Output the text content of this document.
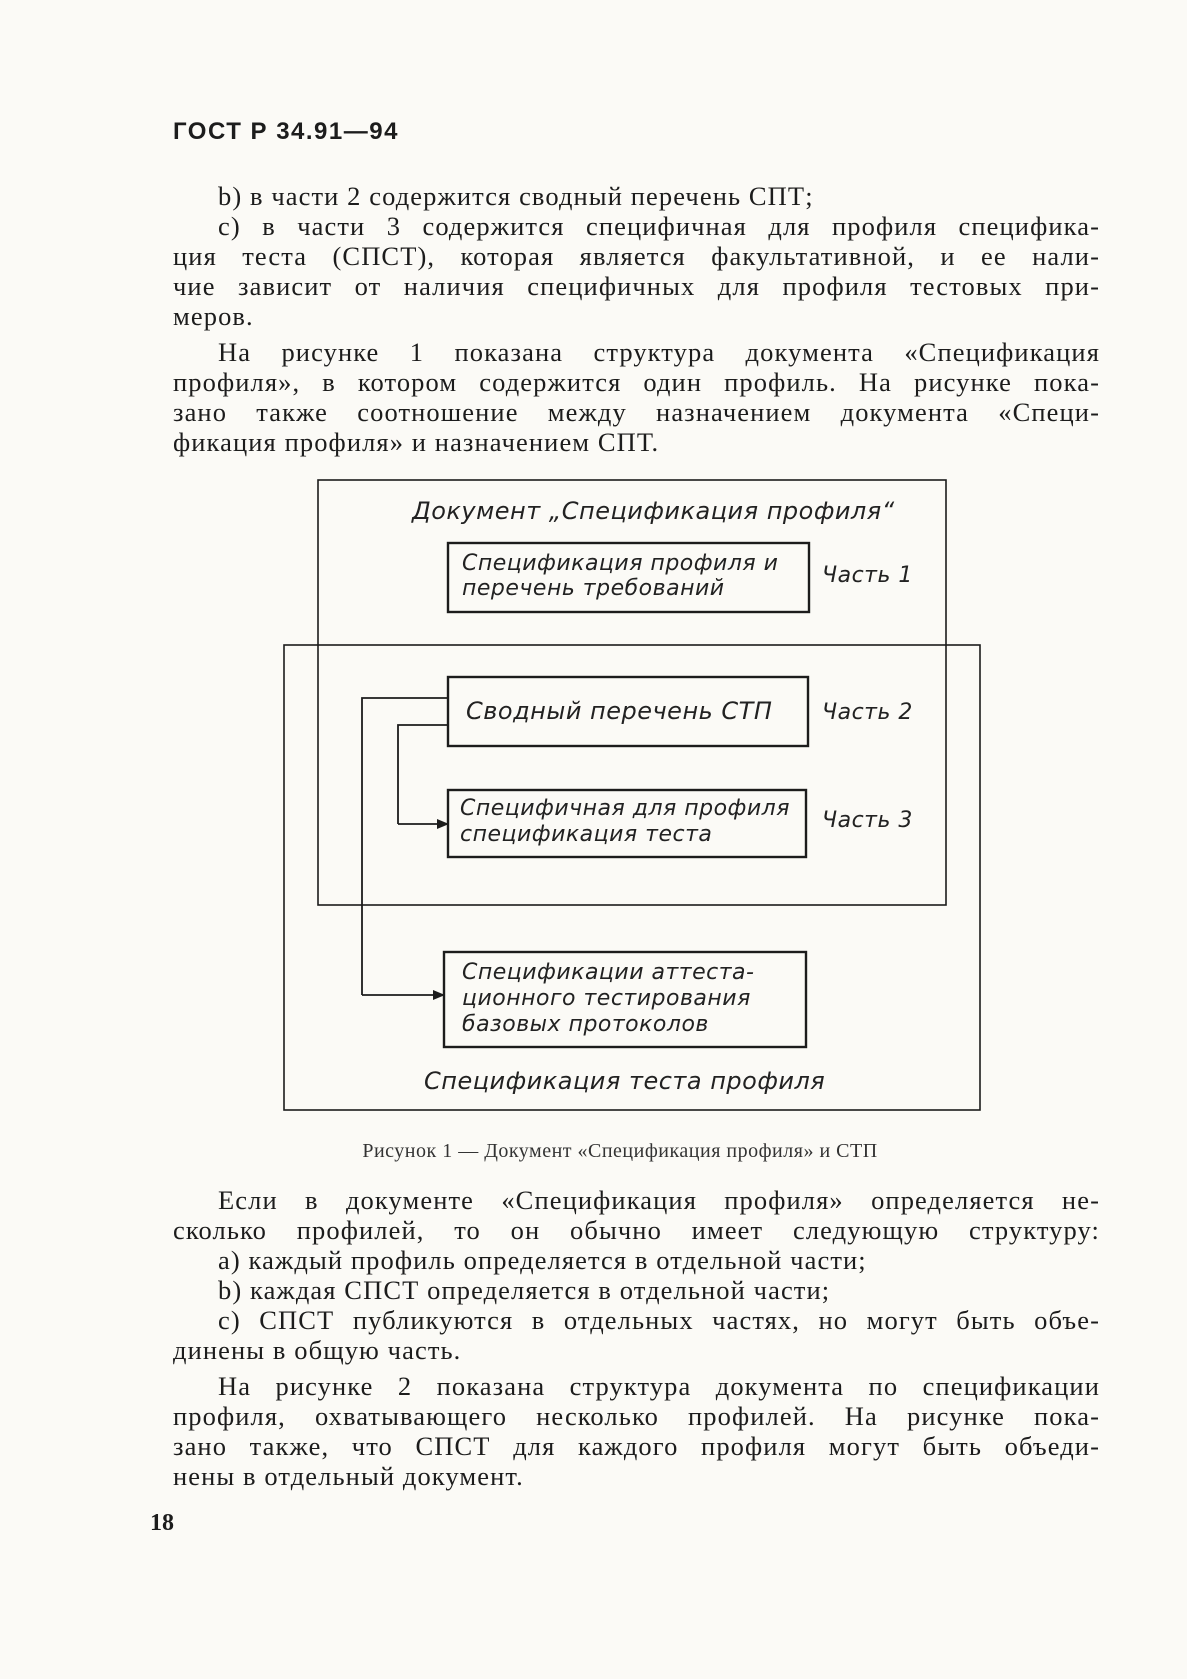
ГОСТ Р 34.91—94
b) в части 2 содержится сводный перечень СПТ;
c) в части 3 содержится специфичная для профиля специфика-
ция теста (СПСТ), которая является факультативной, и ее нали-
чие зависит от наличия специфичных для профиля тестовых при-
меров.
На рисунке 1 показана структура документа «Спецификация
профиля», в котором содержится один профиль. На рисунке пока-
зано также соотношение между назначением документа «Специ-
фикация профиля» и назначением СПТ.
Документ „Спецификация профиля“
Спецификация профиля и
перечень требований
Часть 1
Сводный перечень СТП Часть 2
Специфичная для профиля
спецификация теста
Часть 3
Спецификации аттеста-
ционного тестирования
базовых протоколов
Спецификация теста профиля
Рисунок 1 — Документ «Спецификация профиля» и СТП
Если в документе «Спецификация профиля» определяется не-
сколько профилей, то он обычно имеет следующую структуру:
a) каждый профиль определяется в отдельной части;
b) каждая СПСТ определяется в отдельной части;
c) СПСТ публикуются в отдельных частях, но могут быть объе-
динены в общую часть.
На рисунке 2 показана структура документа по спецификации
профиля, охватывающего несколько профилей. На рисунке пока-
зано также, что СПСТ для каждого профиля могут быть объеди-
нены в отдельный документ.
18
